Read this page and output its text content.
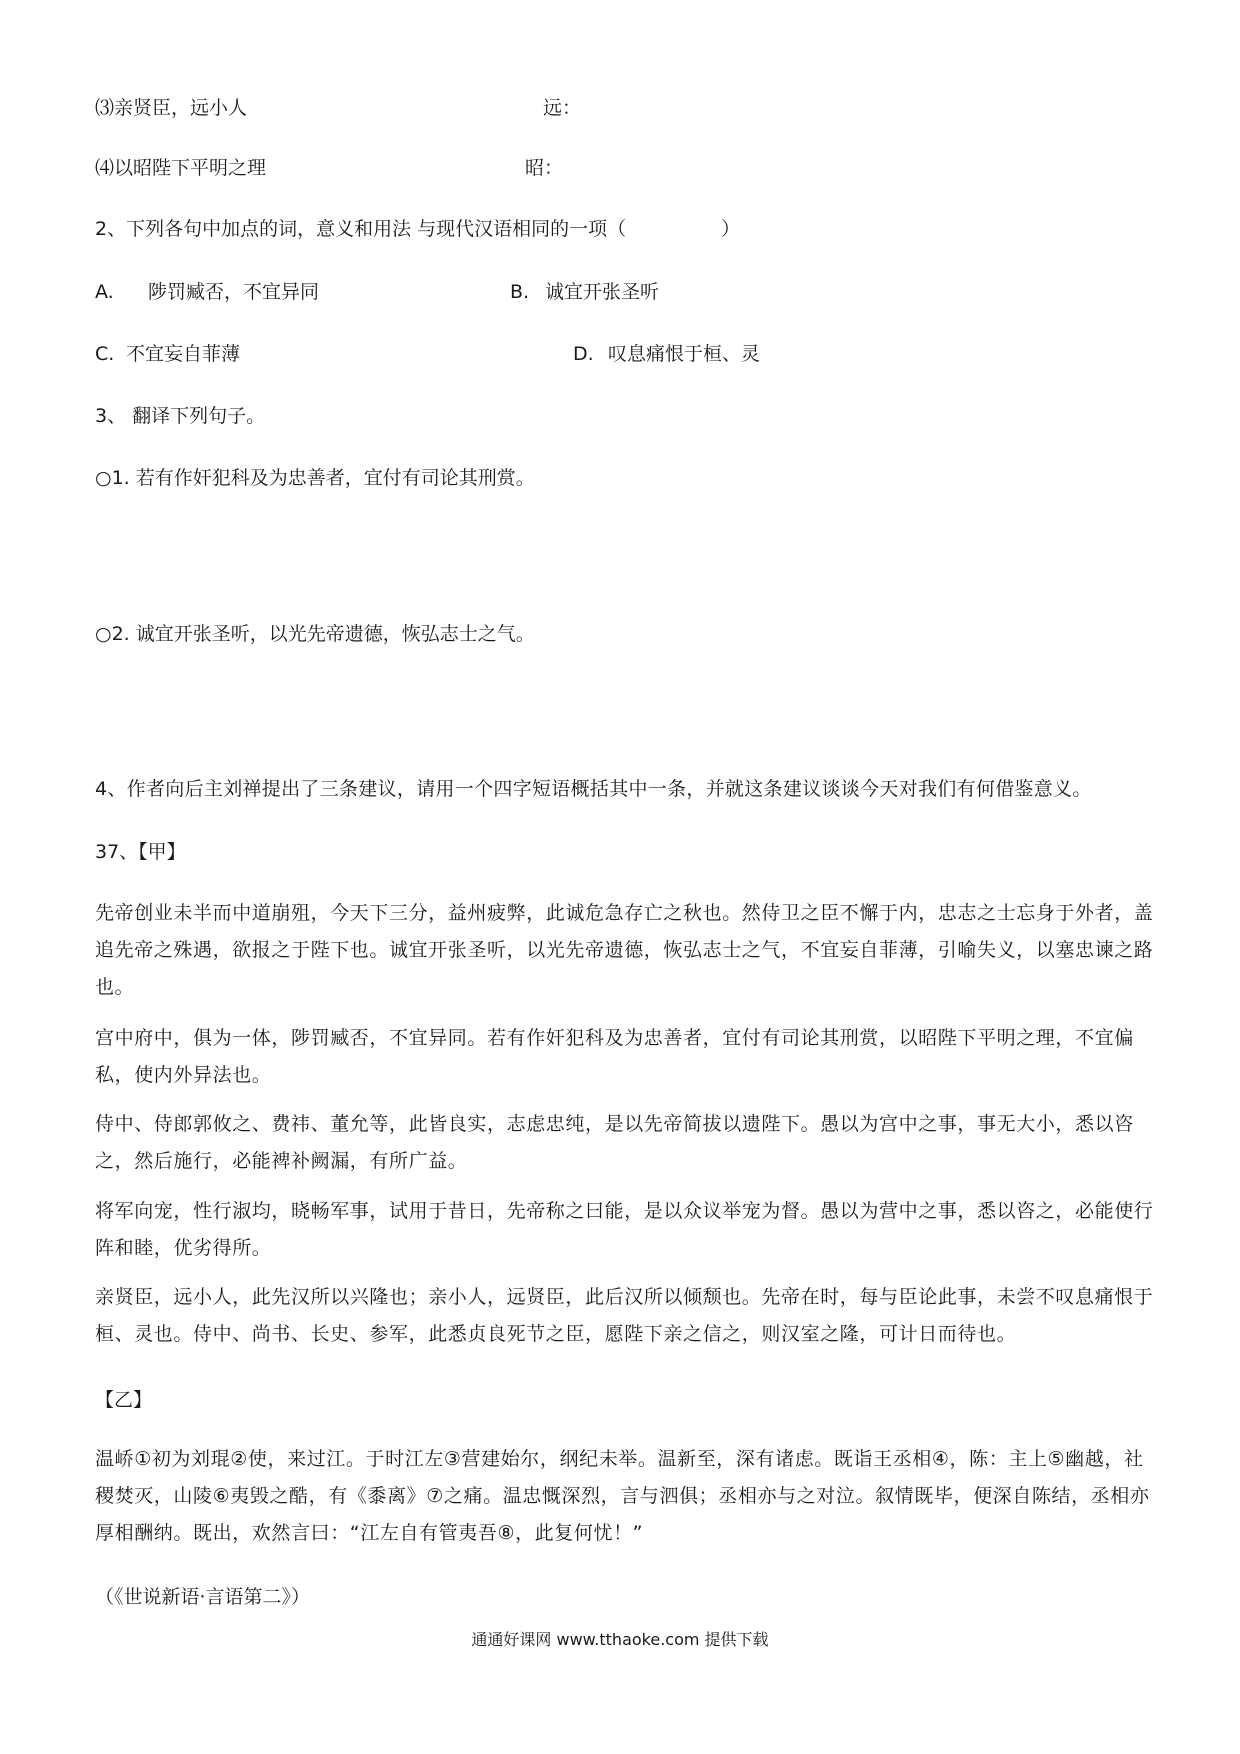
⑶亲贤臣，远小人	远：
⑷以昭陛下平明之理	昭：
2、下列各句中加点的词，意义和用法 与现代汉语相同的一项（　　　　　）
A. 陟罚臧否，不宜异同	B. 诚宜开张圣听
C. 不宜妄自菲薄	D. 叹息痛恨于桓、灵
3、 翻译下列句子。
○1. 若有作奸犯科及为忠善者，宜付有司论其刑赏。
○2. 诚宜开张圣听，以光先帝遗德，恢弘志士之气。
4、作者向后主刘禅提出了三条建议，请用一个四字短语概括其中一条，并就这条建议谈谈今天对我们有何借鉴意义。
37、【甲】
先帝创业未半而中道崩殂，今天下三分，益州疲弊，此诚危急存亡之秋也。然侍卫之臣不懈于内，忠志之士忘身于外者，盖追先帝之殊遇，欲报之于陛下也。诚宜开张圣听，以光先帝遗德，恢弘志士之气，不宜妄自菲薄，引喻失义，以塞忠谏之路也。
宫中府中，俱为一体，陟罚臧否，不宜异同。若有作奸犯科及为忠善者，宜付有司论其刑赏，以昭陛下平明之理，不宜偏私，使内外异法也。
侍中、侍郎郭攸之、费祎、董允等，此皆良实，志虑忠纯，是以先帝简拔以遗陛下。愚以为宫中之事，事无大小，悉以咨之，然后施行，必能裨补阙漏，有所广益。
将军向宠，性行淑均，晓畅军事，试用于昔日，先帝称之曰能，是以众议举宠为督。愚以为营中之事，悉以咨之，必能使行阵和睦，优劣得所。
亲贤臣，远小人，此先汉所以兴隆也；亲小人，远贤臣，此后汉所以倾颓也。先帝在时，每与臣论此事，未尝不叹息痛恨于桓、灵也。侍中、尚书、长史、参军，此悉贞良死节之臣，愿陛下亲之信之，则汉室之隆，可计日而待也。
【乙】
温峤①初为刘琨②使，来过江。于时江左③营建始尔，纲纪未举。温新至，深有诸虑。既诣王丞相④，陈：主上⑤幽越，社稷焚灭，山陵⑥夷毁之酷，有《黍离》⑦之痛。温忠慨深烈，言与泗俱；丞相亦与之对泣。叙情既毕，便深自陈结，丞相亦厚相酬纳。既出，欢然言曰：“江左自有管夷吾⑧，此复何忧！”
（《世说新语·言语第二》）
通通好课网 www.tthaoke.com 提供下载
